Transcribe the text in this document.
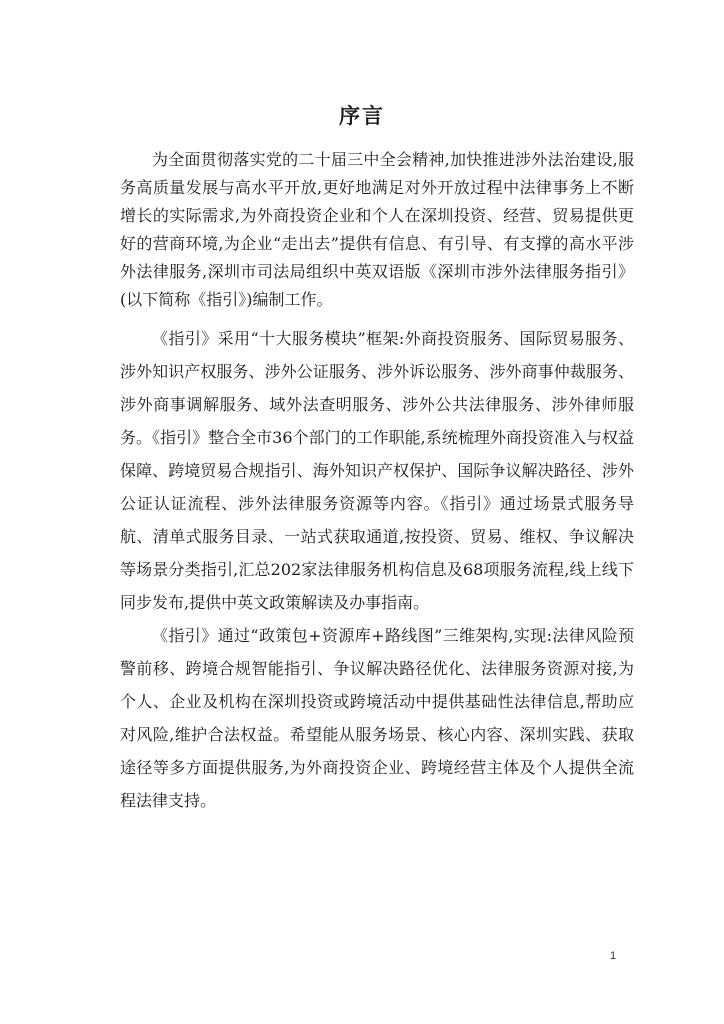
序言

为全面贯彻落实党的二十届三中全会精神,加快推进涉外法治建设,服务高质量发展与高水平开放,更好地满足对外开放过程中法律事务上不断增长的实际需求,为外商投资企业和个人在深圳投资、经营、贸易提供更好的营商环境,为企业“走出去”提供有信息、有引导、有支撑的高水平涉外法律服务,深圳市司法局组织中英双语版《深圳市涉外法律服务指引》(以下简称《指引》)编制工作。

《指引》采用“十大服务模块”框架:外商投资服务、国际贸易服务、涉外知识产权服务、涉外公证服务、涉外诉讼服务、涉外商事仲裁服务、涉外商事调解服务、域外法查明服务、涉外公共法律服务、涉外律师服务。《指引》整合全市36个部门的工作职能,系统梳理外商投资准入与权益保障、跨境贸易合规指引、海外知识产权保护、国际争议解决路径、涉外公证认证流程、涉外法律服务资源等内容。《指引》通过场景式服务导航、清单式服务目录、一站式获取通道,按投资、贸易、维权、争议解决等场景分类指引,汇总202家法律服务机构信息及68项服务流程,线上线下同步发布,提供中英文政策解读及办事指南。

《指引》通过“政策包+资源库+路线图”三维架构,实现:法律风险预警前移、跨境合规智能指引、争议解决路径优化、法律服务资源对接,为个人、企业及机构在深圳投资或跨境活动中提供基础性法律信息,帮助应对风险,维护合法权益。希望能从服务场景、核心内容、深圳实践、获取途径等多方面提供服务,为外商投资企业、跨境经营主体及个人提供全流程法律支持。

1
